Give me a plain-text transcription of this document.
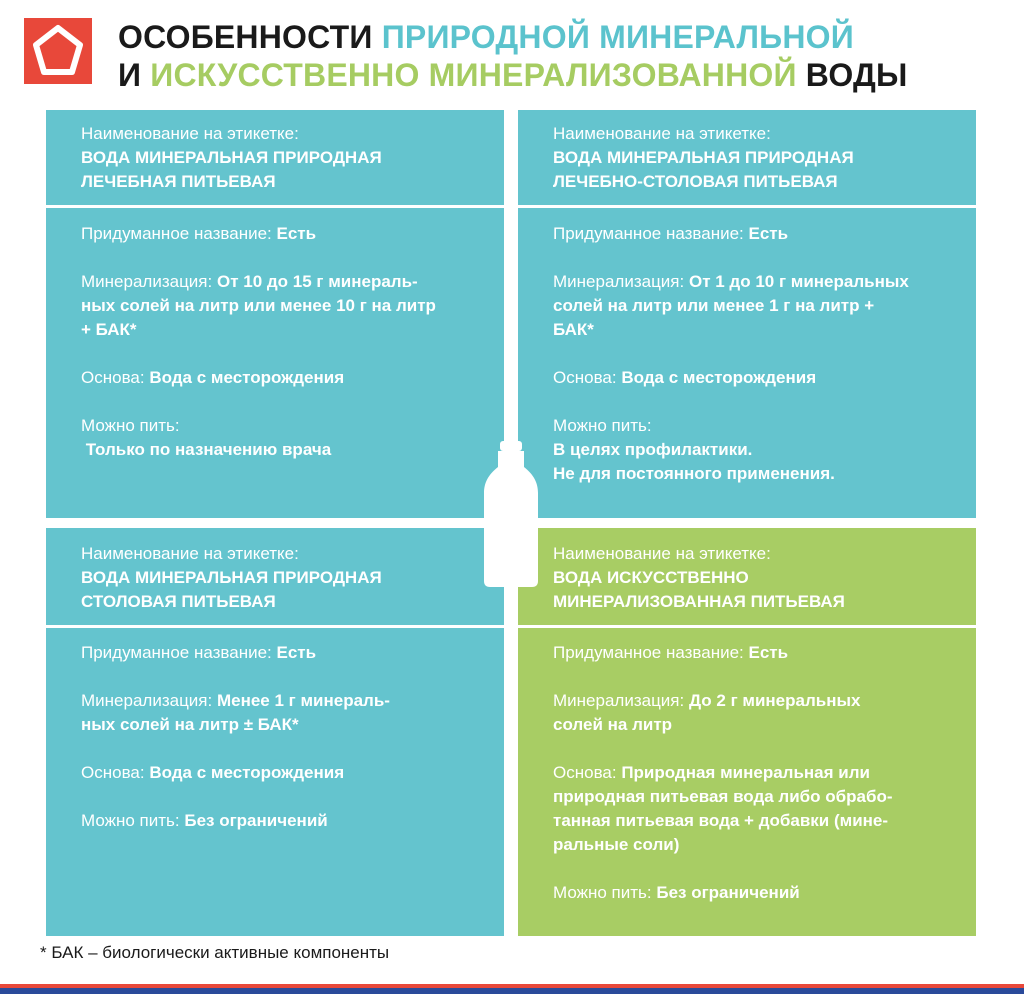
ОСОБЕННОСТИ ПРИРОДНОЙ МИНЕРАЛЬНОЙ
И ИСКУССТВЕННО МИНЕРАЛИЗОВАННОЙ ВОДЫ
Наименование на этикетке:
ВОДА МИНЕРАЛЬНАЯ ПРИРОДНАЯ
ЛЕЧЕБНАЯ ПИТЬЕВАЯ
Придуманное название: Есть
Минерализация: От 10 до 15 г минераль-
ных солей на литр или менее 10 г на литр
+ БАК*
Основа: Вода с месторождения
Можно пить:
Только по назначению врача
Наименование на этикетке:
ВОДА МИНЕРАЛЬНАЯ ПРИРОДНАЯ
ЛЕЧЕБНО-СТОЛОВАЯ ПИТЬЕВАЯ
Придуманное название: Есть
Минерализация: От 1 до 10 г минеральных
солей на литр или менее 1 г на литр +
БАК*
Основа: Вода с месторождения
Можно пить:
В целях профилактики.
Не для постоянного применения.
Наименование на этикетке:
ВОДА МИНЕРАЛЬНАЯ ПРИРОДНАЯ
СТОЛОВАЯ ПИТЬЕВАЯ
Придуманное название: Есть
Минерализация: Менее 1 г минераль-
ных солей на литр ± БАК*
Основа: Вода с месторождения
Можно пить: Без ограничений
Наименование на этикетке:
ВОДА ИСКУССТВЕННО
МИНЕРАЛИЗОВАННАЯ ПИТЬЕВАЯ
Придуманное название: Есть
Минерализация: До 2 г минеральных
солей на литр
Основа: Природная минеральная или
природная питьевая вода либо обрабо-
танная питьевая вода + добавки (мине-
ральные соли)
Можно пить: Без ограничений
* БАК – биологически активные компоненты
